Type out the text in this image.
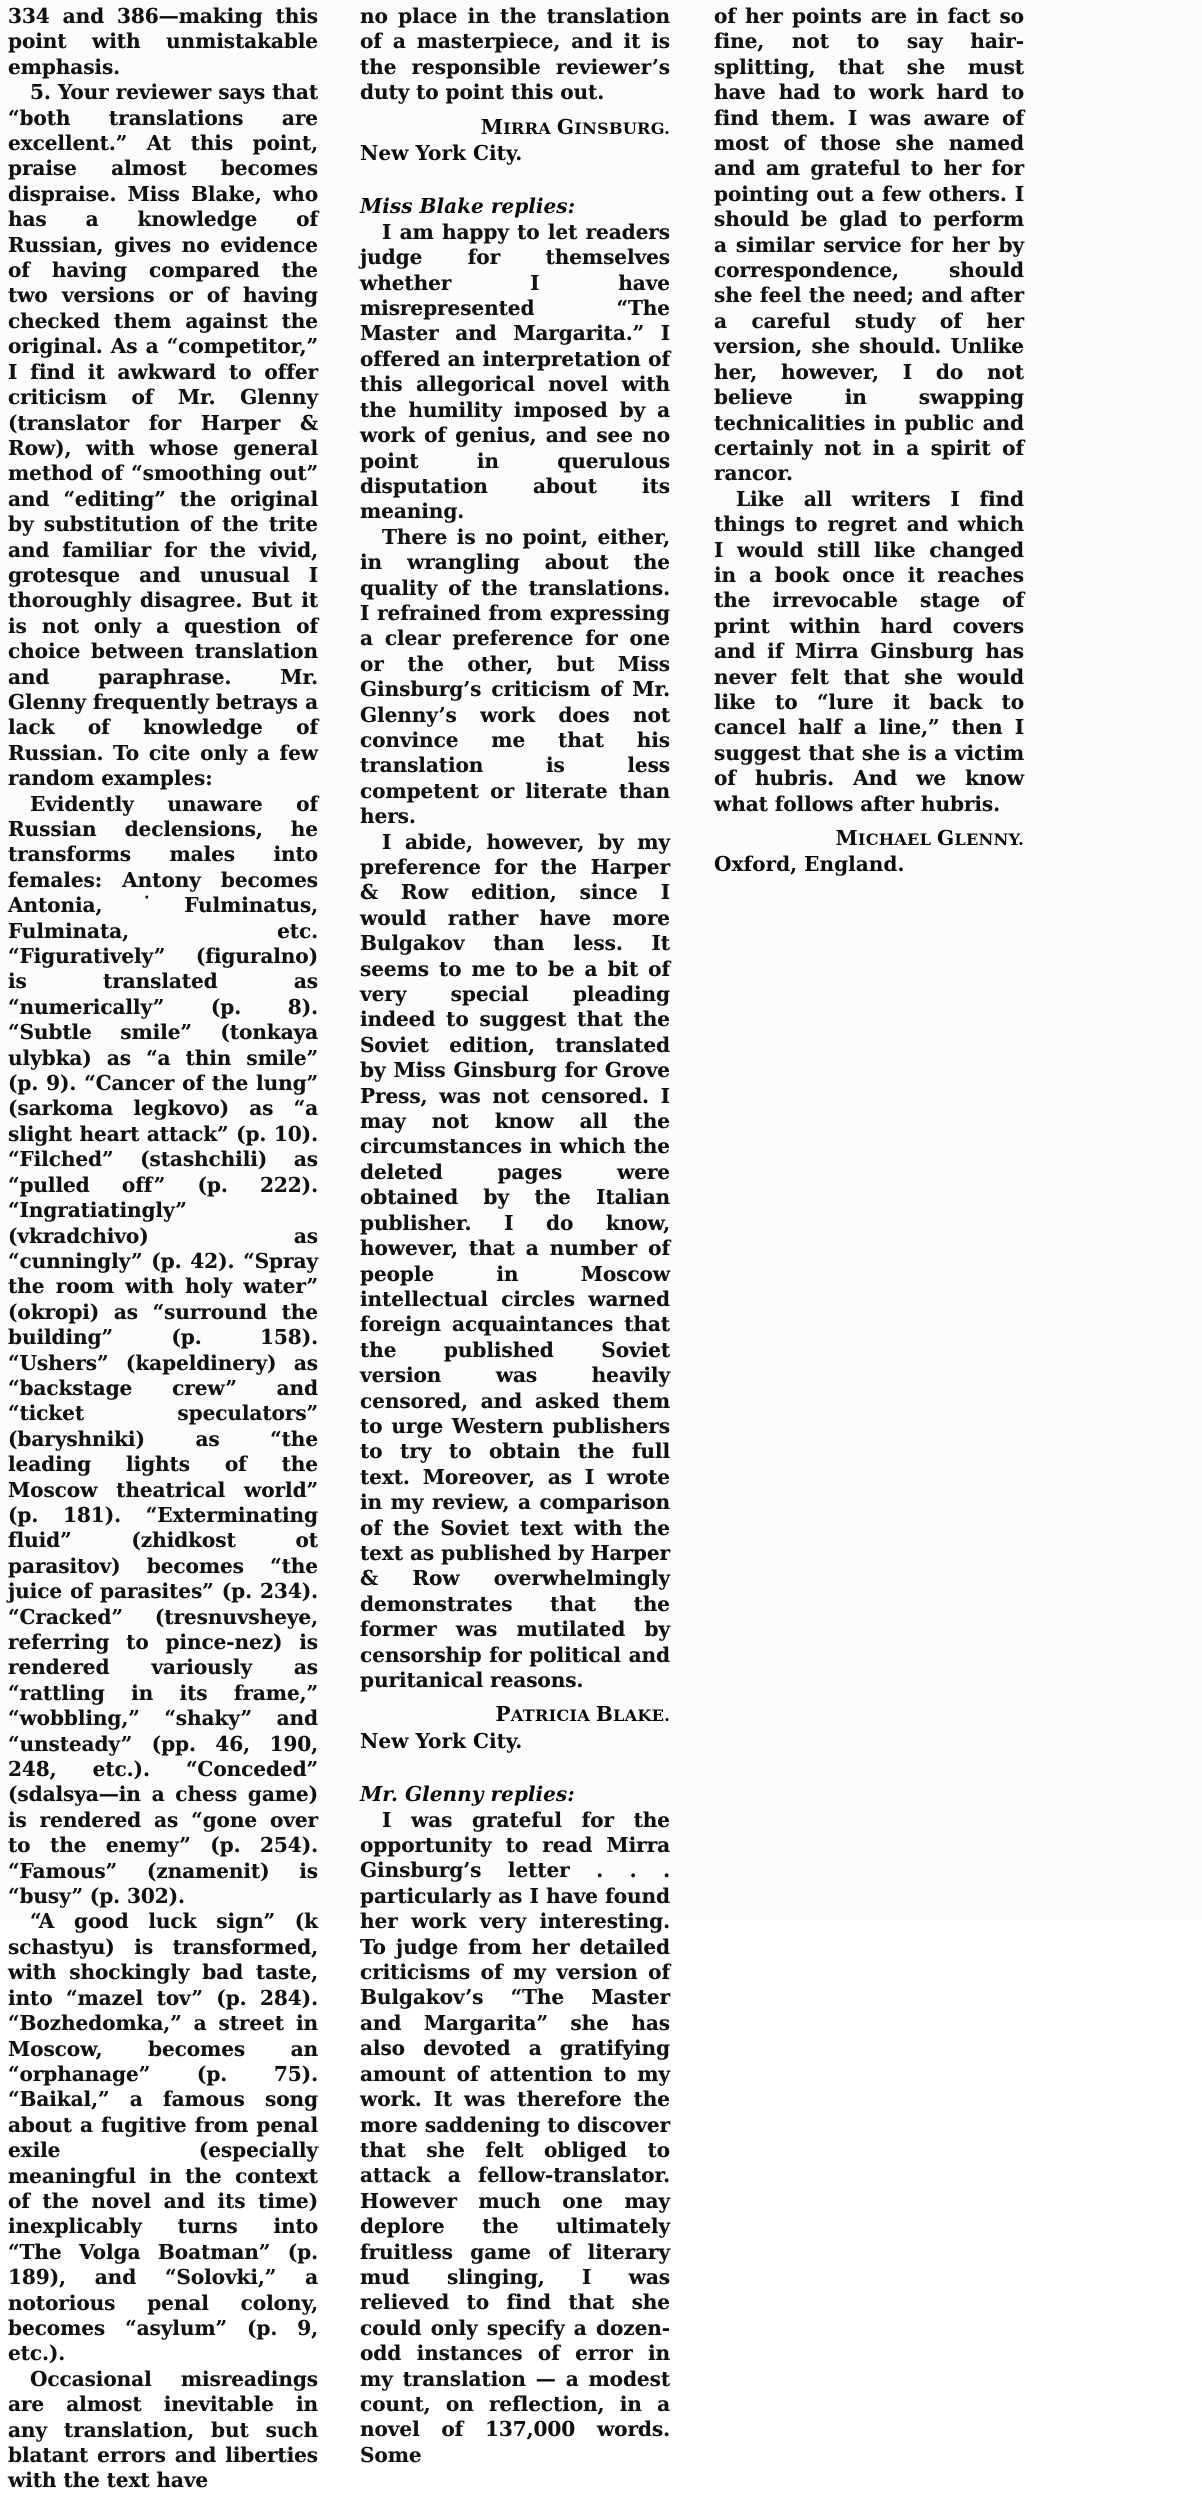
334 and 386—making this point with unmistakable emphasis.

5. Your reviewer says that “both translations are excellent.” At this point, praise almost becomes dispraise. Miss Blake, who has a knowledge of Russian, gives no evidence of having compared the two versions or of having checked them against the original. As a “competitor,” I find it awkward to offer criticism of Mr. Glenny (translator for Harper & Row), with whose general method of “smoothing out” and “editing” the original by substitution of the trite and familiar for the vivid, grotesque and unusual I thoroughly disagree. But it is not only a question of choice between translation and paraphrase. Mr. Glenny frequently betrays a lack of knowledge of Russian. To cite only a few random examples:

Evidently unaware of Russian declensions, he transforms males into females: Antony becomes Antonia, ˙Fulminatus, Fulminata, etc. “Figuratively” (figuralno) is translated as “numerically” (p. 8). “Subtle smile” (tonkaya ulybka) as “a thin smile” (p. 9). “Cancer of the lung” (sarkoma legkovo) as “a slight heart attack” (p. 10). “Filched” (stashchili) as “pulled off” (p. 222). “Ingratiatingly” (vkradchivo) as “cunningly” (p. 42). “Spray the room with holy water” (okropi) as “surround the building” (p. 158). “Ushers” (kapeldinery) as “backstage crew” and “ticket speculators” (baryshniki) as “the leading lights of the Moscow theatrical world” (p. 181). “Exterminating fluid” (zhidkost ot parasitov) becomes “the juice of parasites” (p. 234). “Cracked” (tresnuvsheye, referring to pince-nez) is rendered variously as “rattling in its frame,” “wobbling,” “shaky” and “unsteady” (pp. 46, 190, 248, etc.). “Conceded” (sdalsya—in a chess game) is rendered as “gone over to the enemy” (p. 254). “Famous” (znamenit) is “busy” (p. 302).

“A good luck sign” (k schastyu) is transformed, with shockingly bad taste, into “mazel tov” (p. 284). “Bozhedomka,” a street in Moscow, becomes an “orphanage” (p. 75). “Baikal,” a famous song about a fugitive from penal exile (especially meaningful in the context of the novel and its time) inexplicably turns into “The Volga Boatman” (p. 189), and “Solovki,” a notorious penal colony, becomes “asylum” (p. 9, etc.).

Occasional misreadings are almost inevitable in any translation, but such blatant errors and liberties with the text have

no place in the translation of a masterpiece, and it is the responsible reviewer’s duty to point this out.

MIRRA GINSBURG.

New York City.

Miss Blake replies:

I am happy to let readers judge for themselves whether I have misrepresented “The Master and Margarita.” I offered an interpretation of this allegorical novel with the humility imposed by a work of genius, and see no point in querulous disputation about its meaning.

There is no point, either, in wrangling about the quality of the translations. I refrained from expressing a clear preference for one or the other, but Miss Ginsburg’s criticism of Mr. Glenny’s work does not convince me that his translation is less competent or literate than hers.

I abide, however, by my preference for the Harper & Row edition, since I would rather have more Bulgakov than less. It seems to me to be a bit of very special pleading indeed to suggest that the Soviet edition, translated by Miss Ginsburg for Grove Press, was not censored. I may not know all the circumstances in which the deleted pages were obtained by the Italian publisher. I do know, however, that a number of people in Moscow intellectual circles warned foreign acquaintances that the published Soviet version was heavily censored, and asked them to urge Western publishers to try to obtain the full text. Moreover, as I wrote in my review, a comparison of the Soviet text with the text as published by Harper & Row overwhelmingly demonstrates that the former was mutilated by censorship for political and puritanical reasons.

PATRICIA BLAKE.

New York City.

Mr. Glenny replies:

I was grateful for the opportunity to read Mirra Ginsburg’s letter . . . particularly as I have found her work very interesting. To judge from her detailed criticisms of my version of Bulgakov’s “The Master and Margarita” she has also devoted a gratifying amount of attention to my work. It was therefore the more saddening to discover that she felt obliged to attack a fellow-translator. However much one may deplore the ultimately fruitless game of literary mud slinging, I was relieved to find that she could only specify a dozen-odd instances of error in my translation — a modest count, on reflection, in a novel of 137,000 words. Some

of her points are in fact so fine, not to say hair-splitting, that she must have had to work hard to find them. I was aware of most of those she named and am grateful to her for pointing out a few others. I should be glad to perform a similar service for her by correspondence, should she feel the need; and after a careful study of her version, she should. Unlike her, however, I do not believe in swapping technicalities in public and certainly not in a spirit of rancor.

Like all writers I find things to regret and which I would still like changed in a book once it reaches the irrevocable stage of print within hard covers and if Mirra Ginsburg has never felt that she would like to “lure it back to cancel half a line,” then I suggest that she is a victim of hubris. And we know what follows after hubris.

MICHAEL GLENNY.

Oxford, England.
